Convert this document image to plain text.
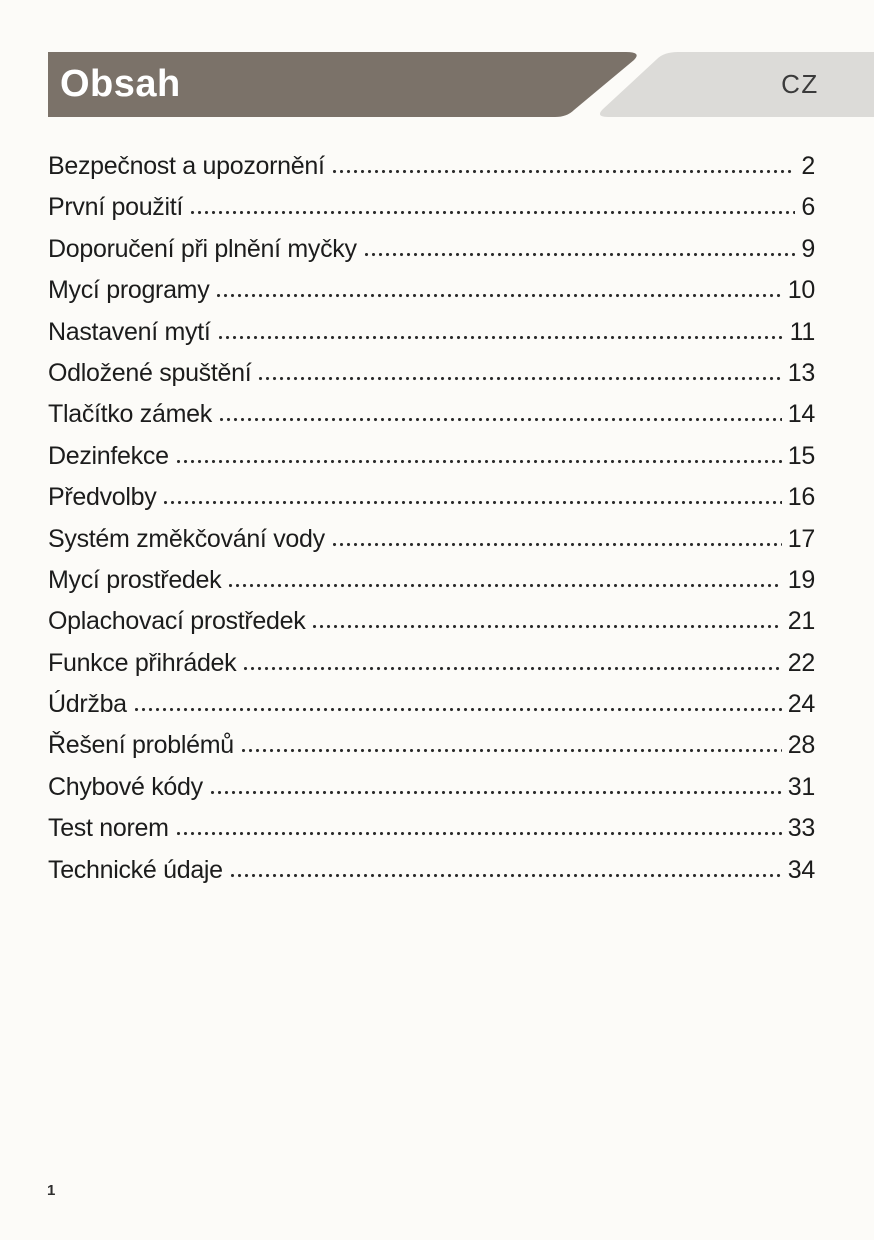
Obsah	CZ
Bezpečnost a upozornění	2
První použití	6
Doporučení při plnění myčky	9
Mycí programy	10
Nastavení mytí	11
Odložené spuštění	13
Tlačítko zámek	14
Dezinfekce	15
Předvolby	16
Systém změkčování vody	17
Mycí prostředek	19
Oplachovací prostředek	21
Funkce přihrádek	22
Údržba	24
Řešení problémů	28
Chybové kódy	31
Test norem	33
Technické údaje	34
1
